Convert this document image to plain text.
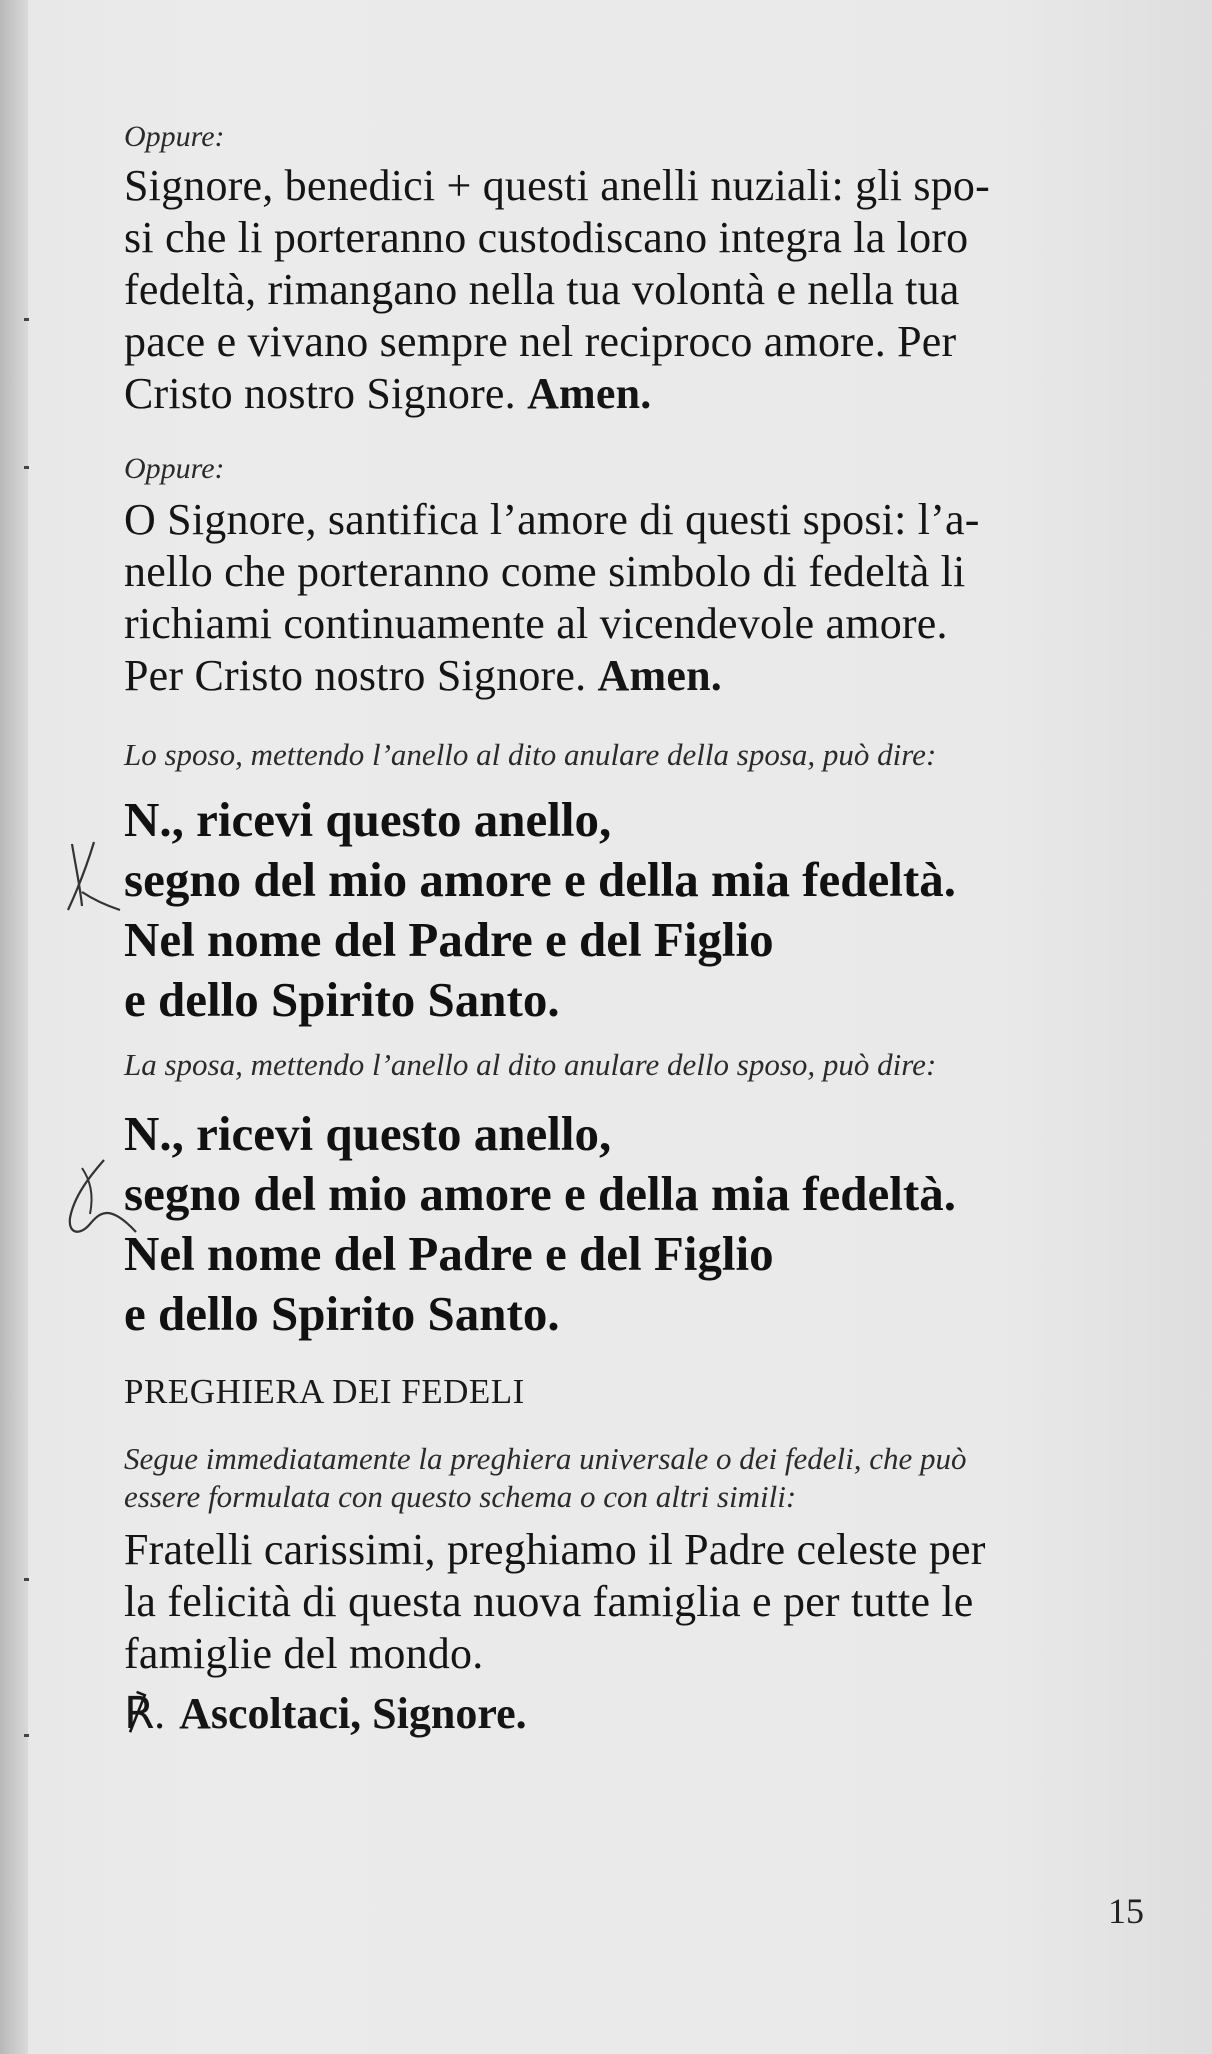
Oppure:
Signore, benedici + questi anelli nuziali: gli spo-
si che li porteranno custodiscano integra la loro
fedeltà, rimangano nella tua volontà e nella tua
pace e vivano sempre nel reciproco amore. Per
Cristo nostro Signore. Amen.
Oppure:
O Signore, santifica l’amore di questi sposi: l’a-
nello che porteranno come simbolo di fedeltà li
richiami continuamente al vicendevole amore.
Per Cristo nostro Signore. Amen.
Lo sposo, mettendo l’anello al dito anulare della sposa, può dire:
N., ricevi questo anello,
segno del mio amore e della mia fedeltà.
Nel nome del Padre e del Figlio
e dello Spirito Santo.
La sposa, mettendo l’anello al dito anulare dello sposo, può dire:
N., ricevi questo anello,
segno del mio amore e della mia fedeltà.
Nel nome del Padre e del Figlio
e dello Spirito Santo.
PREGHIERA DEI FEDELI
Segue immediatamente la preghiera universale o dei fedeli, che può
essere formulata con questo schema o con altri simili:
Fratelli carissimi, preghiamo il Padre celeste per
la felicità di questa nuova famiglia e per tutte le
famiglie del mondo.
℟. Ascoltaci, Signore.
15
